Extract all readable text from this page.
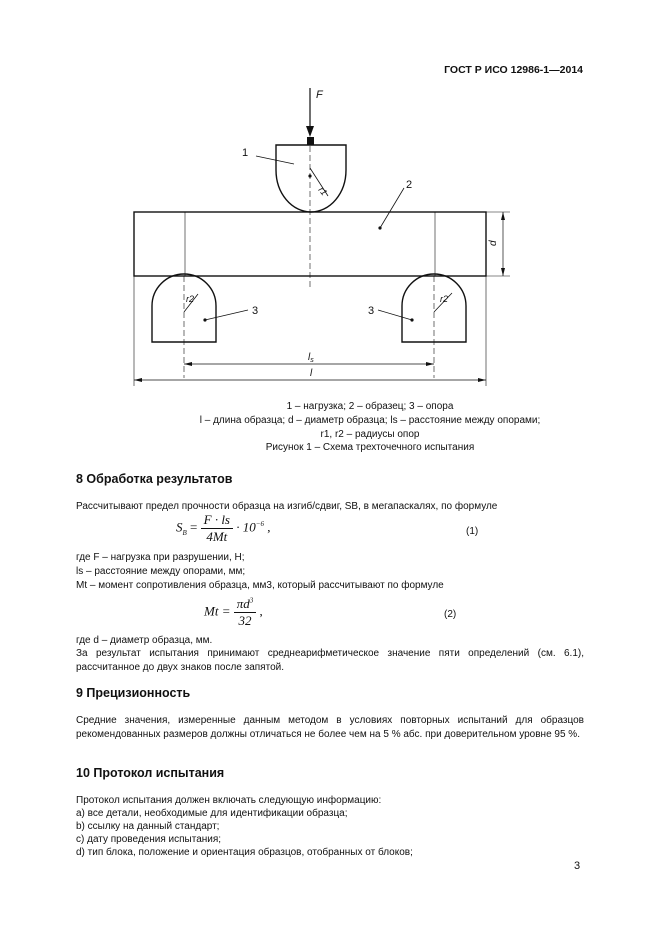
ГОСТ Р ИСО 12986-1—2014
F
1
2
3	3
r1
r2	r2
d
$l_s$
l
1 – нагрузка; 2 – образец; 3 – опора
l – длина образца; d – диаметр образца; ls – расстояние между опорами;
r1, r2 – радиусы опор
Рисунок 1 – Схема трехточечного испытания
8 Обработка результатов
Рассчитывают предел прочности образца на изгиб/сдвиг, SB, в мегапаскалях, по формуле
$S_B = \frac{F \cdot ls}{4Mt} \cdot 10^{-6}$ ,	(1)
где F – нагрузка при разрушении, Н;
ls – расстояние между опорами, мм;
Mt – момент сопротивления образца, мм3, который рассчитывают по формуле
$Mt = \frac{\pi d^3}{32}$ ,	(2)
где d – диаметр образца, мм.
За результат испытания принимают среднеарифметическое значение пяти определений (см. 6.1), рассчитанное до двух знаков после запятой.
9 Прецизионность
Средние значения, измеренные данным методом в условиях повторных испытаний для образцов рекомендованных размеров должны отличаться не более чем на 5 % абс. при доверительном уровне 95 %.
10 Протокол испытания
Протокол испытания должен включать следующую информацию:
a) все детали, необходимые для идентификации образца;
b) ссылку на данный стандарт;
c) дату проведения испытания;
d) тип блока, положение и ориентация образцов, отобранных от блоков;
3
